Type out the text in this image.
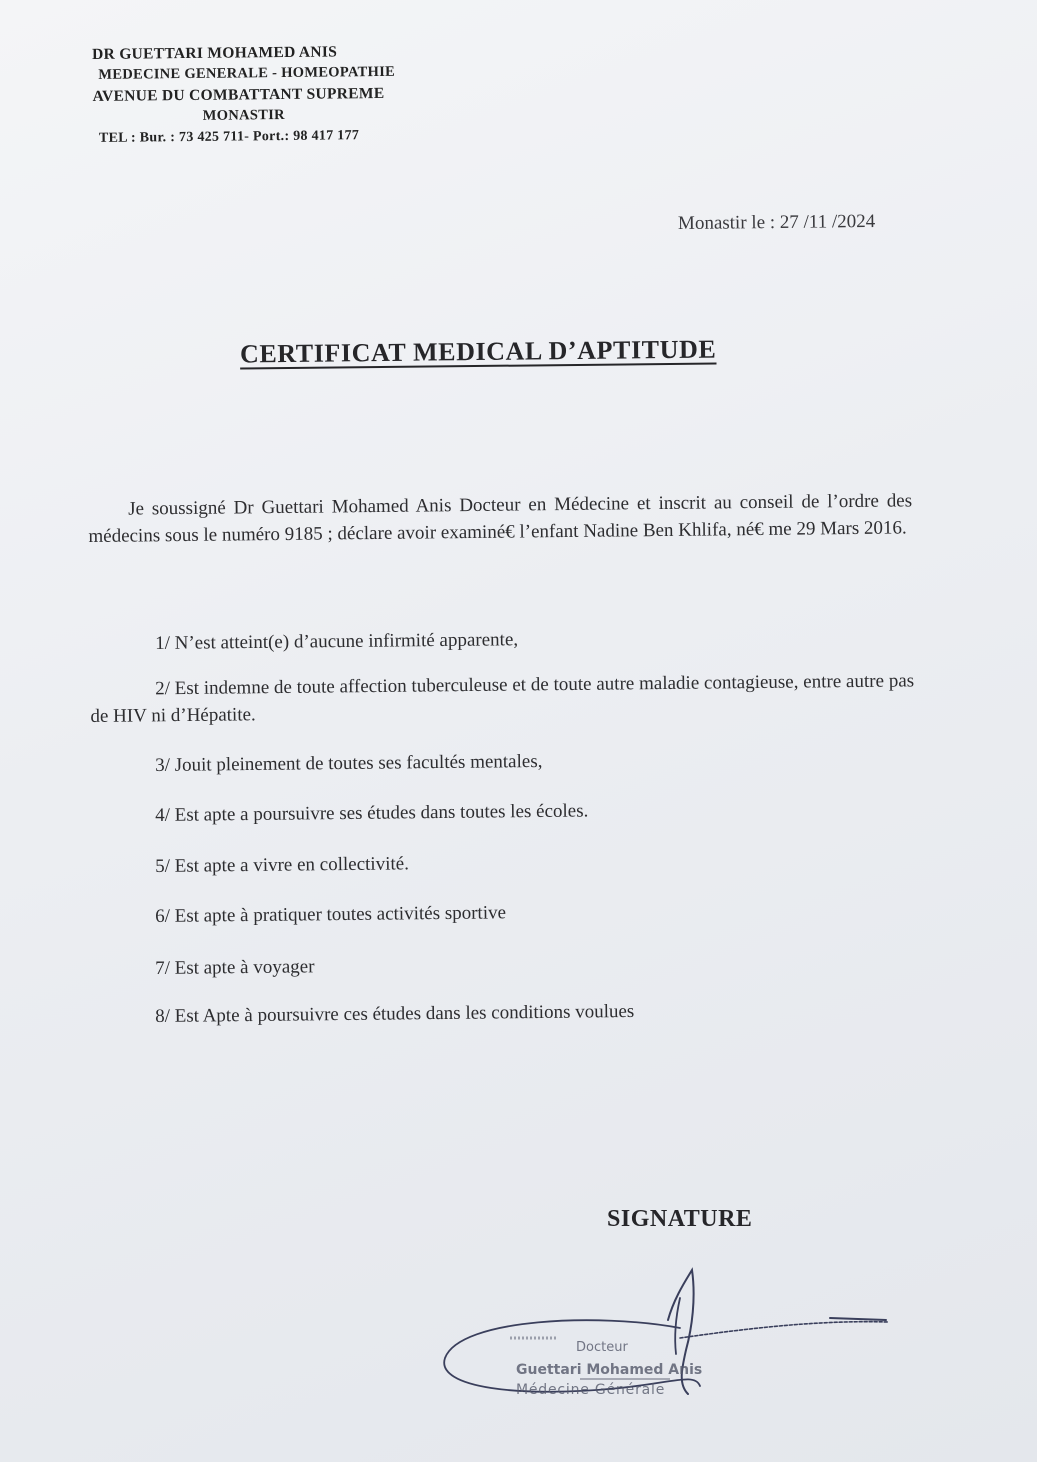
DR GUETTARI MOHAMED ANIS
MEDECINE GENERALE - HOMEOPATHIE
AVENUE DU COMBATTANT SUPREME
MONASTIR
TEL : Bur. : 73 425 711- Port.: 98 417 177
Monastir le : 27 /11 /2024
CERTIFICAT MEDICAL D’APTITUDE
Je soussigné Dr Guettari Mohamed Anis Docteur en Médecine et inscrit au conseil de l’ordre des médecins sous le numéro 9185 ; déclare avoir examiné€ l’enfant Nadine Ben Khlifa, né€ me 29 Mars 2016.
1/ N’est atteint(e) d’aucune infirmité apparente,
2/ Est indemne de toute affection tuberculeuse et de toute autre maladie contagieuse, entre autre pas de HIV ni d’Hépatite.
3/ Jouit pleinement de toutes ses facultés mentales,
4/ Est apte a poursuivre ses études dans toutes les écoles.
5/ Est apte a vivre en collectivité.
6/ Est apte à pratiquer toutes activités sportive
7/ Est apte à voyager
8/ Est Apte à poursuivre ces études dans les conditions voulues
SIGNATURE
Docteur
Guettari Mohamed Anis
Médecine Générale
